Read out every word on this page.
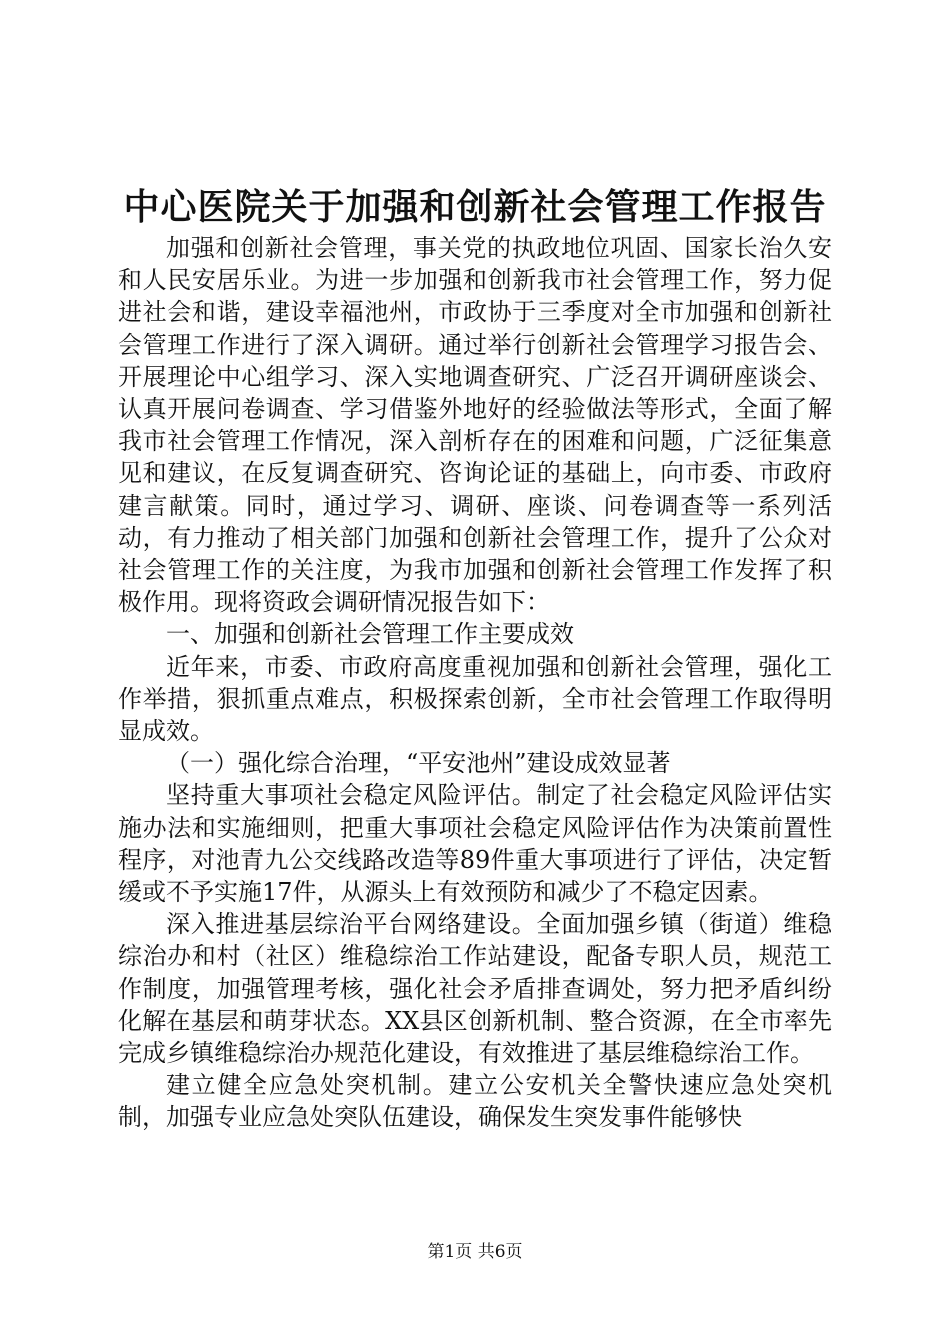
中心医院关于加强和创新社会管理工作报告

加强和创新社会管理，事关党的执政地位巩固、国家长治久安和人民安居乐业。为进一步加强和创新我市社会管理工作，努力促进社会和谐，建设幸福池州，市政协于三季度对全市加强和创新社会管理工作进行了深入调研。通过举行创新社会管理学习报告会、开展理论中心组学习、深入实地调查研究、广泛召开调研座谈会、认真开展问卷调查、学习借鉴外地好的经验做法等形式，全面了解我市社会管理工作情况，深入剖析存在的困难和问题，广泛征集意见和建议，在反复调查研究、咨询论证的基础上，向市委、市政府建言献策。同时，通过学习、调研、座谈、问卷调查等一系列活动，有力推动了相关部门加强和创新社会管理工作，提升了公众对社会管理工作的关注度，为我市加强和创新社会管理工作发挥了积极作用。现将资政会调研情况报告如下：

一、加强和创新社会管理工作主要成效

近年来，市委、市政府高度重视加强和创新社会管理，强化工作举措，狠抓重点难点，积极探索创新，全市社会管理工作取得明显成效。

（一）强化综合治理，“平安池州”建设成效显著

坚持重大事项社会稳定风险评估。制定了社会稳定风险评估实施办法和实施细则，把重大事项社会稳定风险评估作为决策前置性程序，对池青九公交线路改造等89件重大事项进行了评估，决定暂缓或不予实施17件，从源头上有效预防和减少了不稳定因素。

深入推进基层综治平台网络建设。全面加强乡镇（街道）维稳综治办和村（社区）维稳综治工作站建设，配备专职人员，规范工作制度，加强管理考核，强化社会矛盾排查调处，努力把矛盾纠纷化解在基层和萌芽状态。XX县区创新机制、整合资源，在全市率先完成乡镇维稳综治办规范化建设，有效推进了基层维稳综治工作。

建立健全应急处突机制。建立公安机关全警快速应急处突机制，加强专业应急处突队伍建设，确保发生突发事件能够快

第1页 共6页
